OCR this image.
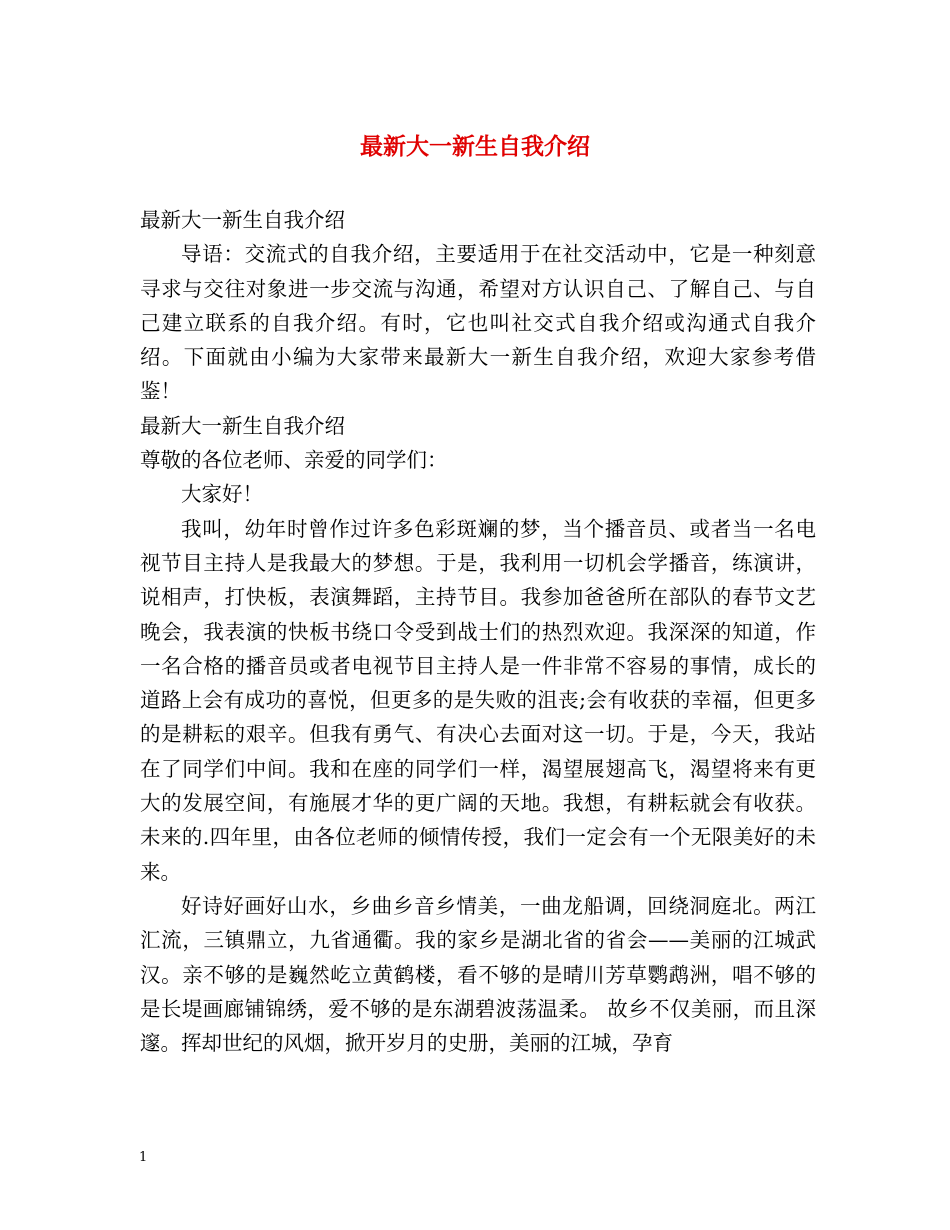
最新大一新生自我介绍

最新大一新生自我介绍

导语：交流式的自我介绍，主要适用于在社交活动中，它是一种刻意寻求与交往对象进一步交流与沟通，希望对方认识自己、了解自己、与自己建立联系的自我介绍。有时，它也叫社交式自我介绍或沟通式自我介绍。下面就由小编为大家带来最新大一新生自我介绍，欢迎大家参考借鉴！

最新大一新生自我介绍

尊敬的各位老师、亲爱的同学们：

大家好！

我叫，幼年时曾作过许多色彩斑斓的梦，当个播音员、或者当一名电视节目主持人是我最大的梦想。于是，我利用一切机会学播音，练演讲，说相声，打快板，表演舞蹈，主持节目。我参加爸爸所在部队的春节文艺晚会，我表演的快板书绕口令受到战士们的热烈欢迎。我深深的知道，作一名合格的播音员或者电视节目主持人是一件非常不容易的事情，成长的道路上会有成功的喜悦，但更多的是失败的沮丧;会有收获的幸福，但更多的是耕耘的艰辛。但我有勇气、有决心去面对这一切。于是，今天，我站在了同学们中间。我和在座的同学们一样，渴望展翅高飞，渴望将来有更大的发展空间，有施展才华的更广阔的天地。我想，有耕耘就会有收获。未来的.四年里，由各位老师的倾情传授，我们一定会有一个无限美好的未来。

好诗好画好山水，乡曲乡音乡情美，一曲龙船调，回绕洞庭北。两江汇流，三镇鼎立，九省通衢。我的家乡是湖北省的省会——美丽的江城武汉。亲不够的是巍然屹立黄鹤楼，看不够的是晴川芳草鹦鹉洲，唱不够的是长堤画廊铺锦绣，爱不够的是东湖碧波荡温柔。 故乡不仅美丽，而且深邃。挥却世纪的风烟，掀开岁月的史册，美丽的江城，孕育

1
